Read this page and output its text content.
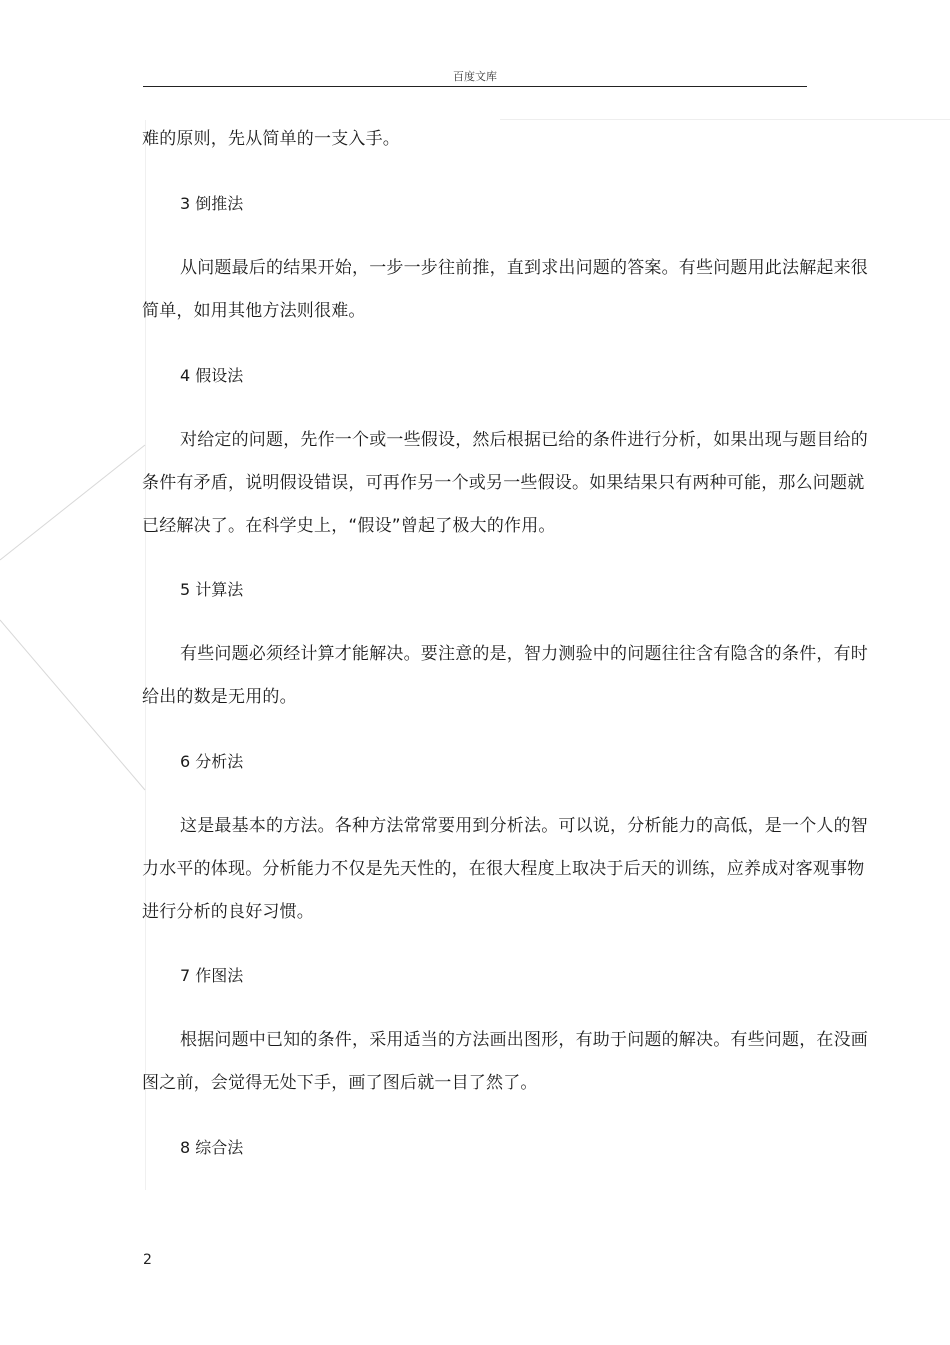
百度文库
难的原则，先从简单的一支入手。
3 倒推法
从问题最后的结果开始，一步一步往前推，直到求出问题的答案。有些问题用此法解起来很
简单，如用其他方法则很难。
4 假设法
对给定的问题，先作一个或一些假设，然后根据已给的条件进行分析，如果出现与题目给的
条件有矛盾，说明假设错误，可再作另一个或另一些假设。如果结果只有两种可能，那么问题就
已经解决了。在科学史上，“假设”曾起了极大的作用。
5 计算法
有些问题必须经计算才能解决。要注意的是，智力测验中的问题往往含有隐含的条件，有时
给出的数是无用的。
6 分析法
这是最基本的方法。各种方法常常要用到分析法。可以说，分析能力的高低，是一个人的智
力水平的体现。分析能力不仅是先天性的，在很大程度上取决于后天的训练，应养成对客观事物
进行分析的良好习惯。
7 作图法
根据问题中已知的条件，采用适当的方法画出图形，有助于问题的解决。有些问题，在没画
图之前，会觉得无处下手，画了图后就一目了然了。
8 综合法
2
